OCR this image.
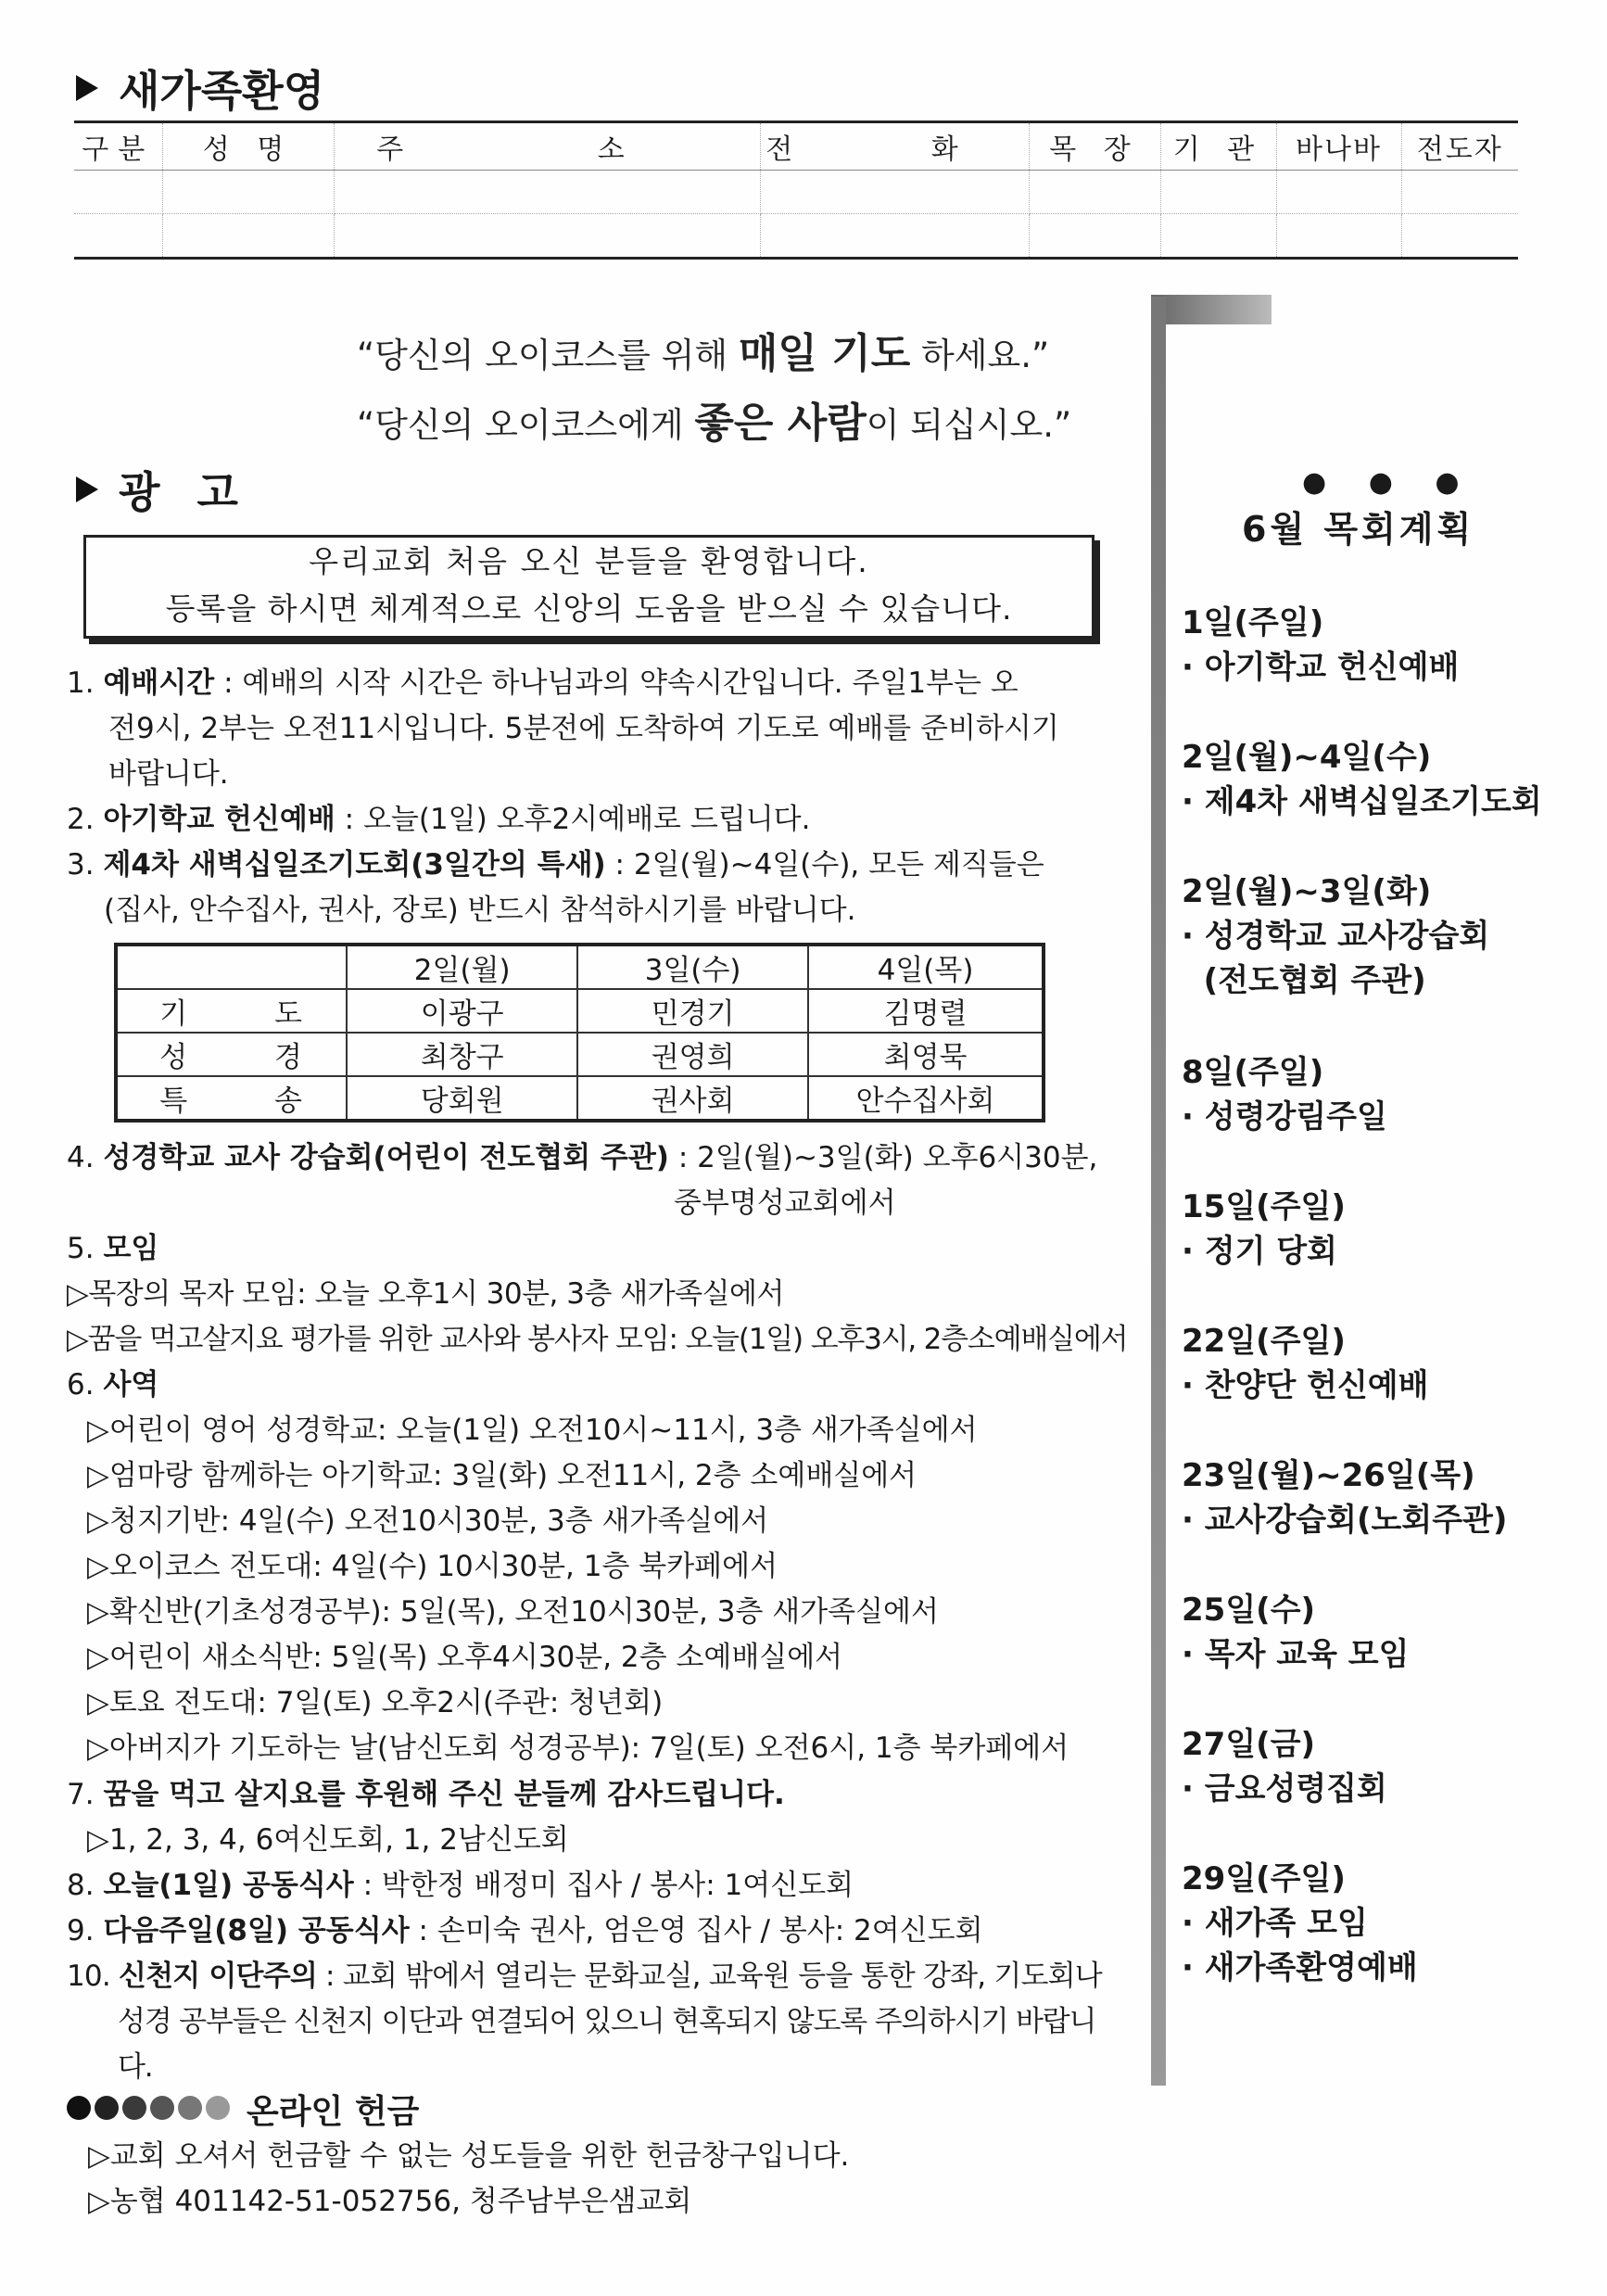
새가족환영
구분	성 명	주 소	전 화	목 장	기 관	바나바	전도자

“당신의 오이코스를 위해 매일 기도 하세요.”
“당신의 오이코스에게 좋은 사람이 되십시오.”
광 고
우리교회 처음 오신 분들을 환영합니다.
등록을 하시면 체계적으로 신앙의 도움을 받으실 수 있습니다.
1. 예배시간 : 예배의 시작 시간은 하나님과의 약속시간입니다. 주일1부는 오
전9시, 2부는 오전11시입니다. 5분전에 도착하여 기도로 예배를 준비하시기
바랍니다.
2. 아기학교 헌신예배 : 오늘(1일) 오후2시예배로 드립니다.
3. 제4차 새벽십일조기도회(3일간의 특새) : 2일(월)~4일(수), 모든 제직들은
(집사, 안수집사, 권사, 장로) 반드시 참석하시기를 바랍니다.
	2일(월)	3일(수)	4일(목)
기 도	이광구	민경기	김명렬
성 경	최창구	권영희	최영묵
특 송	당회원	권사회	안수집사회
4. 성경학교 교사 강습회(어린이 전도협회 주관) : 2일(월)~3일(화) 오후6시30분,
중부명성교회에서
5. 모임
▷목장의 목자 모임: 오늘 오후1시 30분, 3층 새가족실에서
▷꿈을 먹고살지요 평가를 위한 교사와 봉사자 모임: 오늘(1일) 오후3시, 2층소예배실에서
6. 사역
▷어린이 영어 성경학교: 오늘(1일) 오전10시~11시, 3층 새가족실에서
▷엄마랑 함께하는 아기학교: 3일(화) 오전11시, 2층 소예배실에서
▷청지기반: 4일(수) 오전10시30분, 3층 새가족실에서
▷오이코스 전도대: 4일(수) 10시30분, 1층 북카페에서
▷확신반(기초성경공부): 5일(목), 오전10시30분, 3층 새가족실에서
▷어린이 새소식반: 5일(목) 오후4시30분, 2층 소예배실에서
▷토요 전도대: 7일(토) 오후2시(주관: 청년회)
▷아버지가 기도하는 날(남신도회 성경공부): 7일(토) 오전6시, 1층 북카페에서
7. 꿈을 먹고 살지요를 후원해 주신 분들께 감사드립니다.
▷1, 2, 3, 4, 6여신도회, 1, 2남신도회
8. 오늘(1일) 공동식사 : 박한정 배정미 집사 / 봉사: 1여신도회
9. 다음주일(8일) 공동식사 : 손미숙 권사, 엄은영 집사 / 봉사: 2여신도회
10. 신천지 이단주의 : 교회 밖에서 열리는 문화교실, 교육원 등을 통한 강좌, 기도회나
성경 공부들은 신천지 이단과 연결되어 있으니 현혹되지 않도록 주의하시기 바랍니다.
온라인 헌금
▷교회 오셔서 헌금할 수 없는 성도들을 위한 헌금창구입니다.
▷농협 401142-51-052756, 청주남부은샘교회
● ● ●
6월 목회계획
1일(주일)
· 아기학교 헌신예배
2일(월)~4일(수)
· 제4차 새벽십일조기도회
2일(월)~3일(화)
· 성경학교 교사강습회
(전도협회 주관)
8일(주일)
· 성령강림주일
15일(주일)
· 정기 당회
22일(주일)
· 찬양단 헌신예배
23일(월)~26일(목)
· 교사강습회(노회주관)
25일(수)
· 목자 교육 모임
27일(금)
· 금요성령집회
29일(주일)
· 새가족 모임
· 새가족환영예배
